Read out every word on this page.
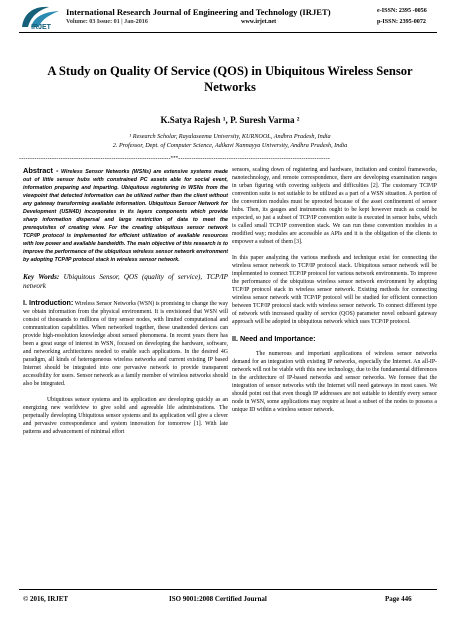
IRJET
International Research Journal of Engineering and Technology (IRJET)
Volume: 03 Issue: 01 | Jan-2016	www.irjet.net
e-ISSN: 2395 -0056
p-ISSN: 2395-0072
A Study on Quality Of Service (QOS) in Ubiquitous Wireless Sensor Networks
K.Satya Rajesh ¹, P. Suresh Varma ²
¹ Research Scholar, Rayalaseema University, KURNOOL, Andhra Pradesh, India
2. Professor, Dept. of Computer Science, Adikavi Nannayya University, Andhra Pradesh, India
---------------------------------------------------------------------***---------------------------------------------------------------------

Abstract - Wireless Sensor Networks (WSNs) are extensive systems made out of little sensor hubs with constrained PC assets able for social event, information preparing and imparting. Ubiquitous registering in WSNs from the viewpoint that detected information can be utilized rather than the client without any gateway transforming available information. Ubiquitous Sensor Network for Development (USN4D) incorporates in its layers components which provide sharp information dispersal and large restriction of data to meet the prerequisites of creating view. For the creating ubiquitous sensor network TCP/IP protocol is implemented for efficient utilization of available resources with low power and available bandwidth. The main objective of this research is to improve the performance of the ubiquitous wireless sensor network environment by adopting TCP/IP protocol stack in wireless sensor network.

Key Words: Ubiquitous Sensor, QOS (quality of service), TCP/IP network

I. Introduction: Wireless Sensor Networks (WSN) is promising to change the way we obtain information from the physical environment. It is envisioned that WSN will consist of thousands to millions of tiny sensor nodes, with limited computational and communication capabilities. When networked together, these unattended devices can provide high-resolution knowledge about sensed phenomena. In recent years there has been a great surge of interest in WSN, focused on developing the hardware, software, and networking architectures needed to enable such applications. In the desired 4G paradigm, all kinds of heterogeneous wireless networks and current existing IP based Internet should be integrated into one pervasive network to provide transparent accessibility for users. Sensor network as a family member of wireless networks should also be integrated.

Ubiquitous sensor systems and its application are developing quickly as an energizing new worldview to give solid and agreeable life administrations. The perpetually developing Ubiquitous sensor systems and its application will give a clever and pervasive correspondence and system innovation for tomorrow [1]. With late patterns and advancement of minimal effort

sensors, scaling down of registering and hardware, incitation and control frameworks, nanotechnology, and remote correspondence, there are developing examination ranges in urban figuring with covering subjects and difficulties [2]. The customary TCP/IP convention suite is not suitable to be utilized as a part of a WSN situation. A portion of the convention modules must be uprooted because of the asset confinement of sensor hubs. Then, its gauges and instruments ought to be kept however much as could be expected, so just a subset of TCP/IP convention suite is executed in sensor hubs, which is called small TCP/IP convention stack. We can run these convention modules in a modified way; modules are accessible as APIs and it is the obligation of the clients to empower a subset of them [3].

In this paper analyzing the various methods and technique exist for connecting the wireless sensor network to TCP/IP protocol stack. Ubiquitous sensor network will be implemented to connect TCP/IP protocol for various network environments. To improve the performance of the ubiquitous wireless sensor network environment by adopting TCP/IP protocol stack in wireless sensor network. Existing methods for connecting wireless sensor network with TCP/IP protocol will be studied for efficient connection between TCP/IP protocol stack with wireless sensor network. To connect different type of network with increased quality of service (QOS) parameter novel onboard gateway approach will be adopted in ubiquitous network which uses TCP/IP protocol.

II. Need and Importance:

The numerous and important applications of wireless sensor networks demand for an integration with existing IP networks, especially the Internet. An all-IP-network will not be viable with this new technology, due to the fundamental differences in the architecture of IP-based networks and sensor networks. We foresee that the integration of sensor networks with the Internet will need gateways in most cases. We should point out that even though IP addresses are not suitable to identify every sensor node in WSN, some applications may require at least a subset of the nodes to possess a unique ID within a wireless sensor network.

© 2016, IRJET	ISO 9001:2008 Certified Journal	Page 446
